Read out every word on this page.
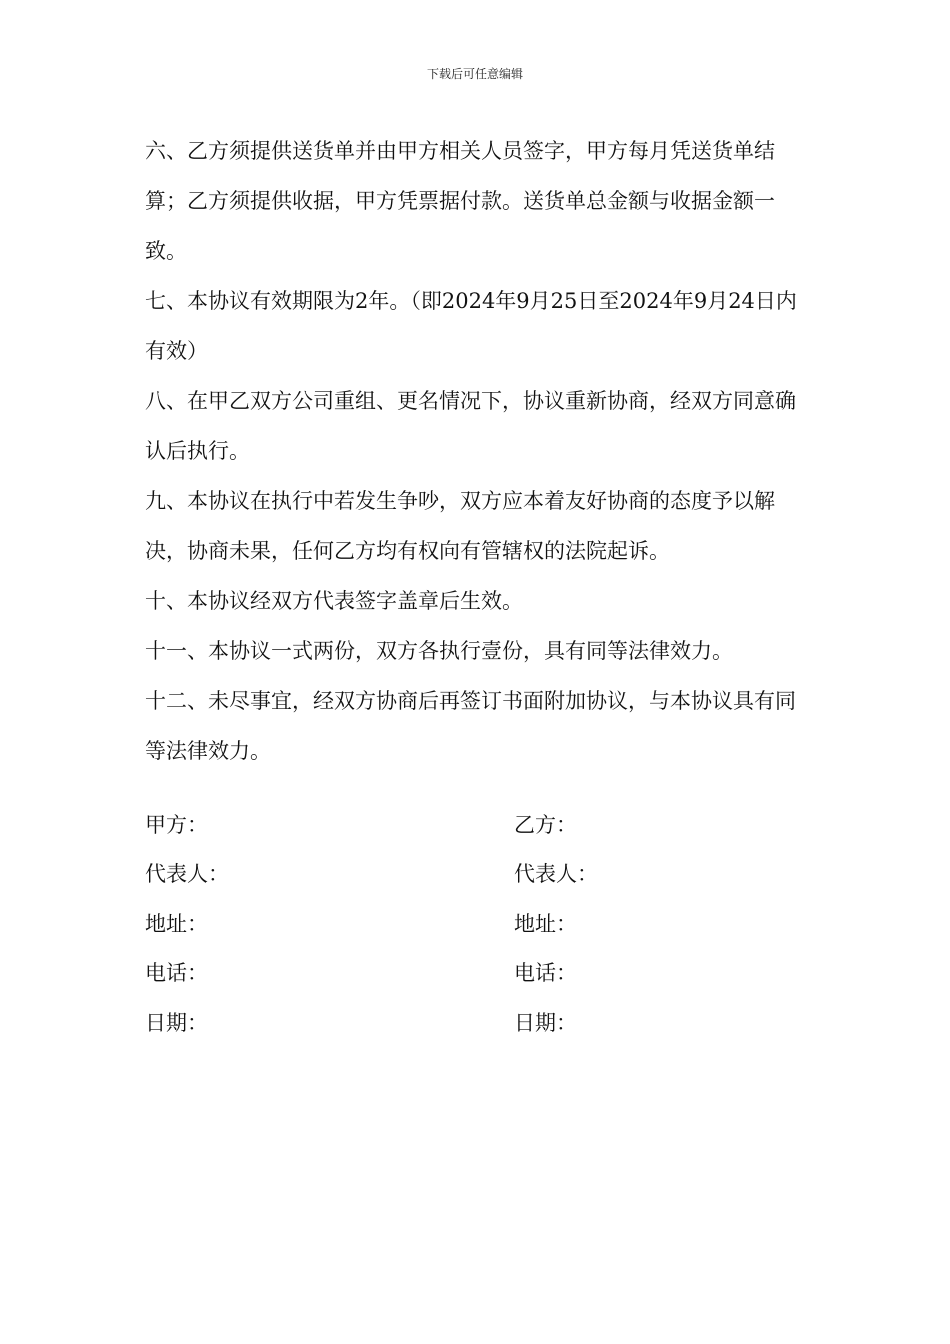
下载后可任意编辑

六、乙方须提供送货单并由甲方相关人员签字，甲方每月凭送货单结算；乙方须提供收据，甲方凭票据付款。送货单总金额与收据金额一致。

七、本协议有效期限为2年。（即2024年9月25日至2024年9月24日内有效）

八、在甲乙双方公司重组、更名情况下，协议重新协商，经双方同意确认后执行。

九、本协议在执行中若发生争吵，双方应本着友好协商的态度予以解决，协商未果，任何乙方均有权向有管辖权的法院起诉。

十、本协议经双方代表签字盖章后生效。

十一、本协议一式两份，双方各执行壹份，具有同等法律效力。

十二、未尽事宜，经双方协商后再签订书面附加协议，与本协议具有同等法律效力。

甲方：	乙方：
代表人：	代表人：
地址：	地址：
电话：	电话：
日期：	日期：
